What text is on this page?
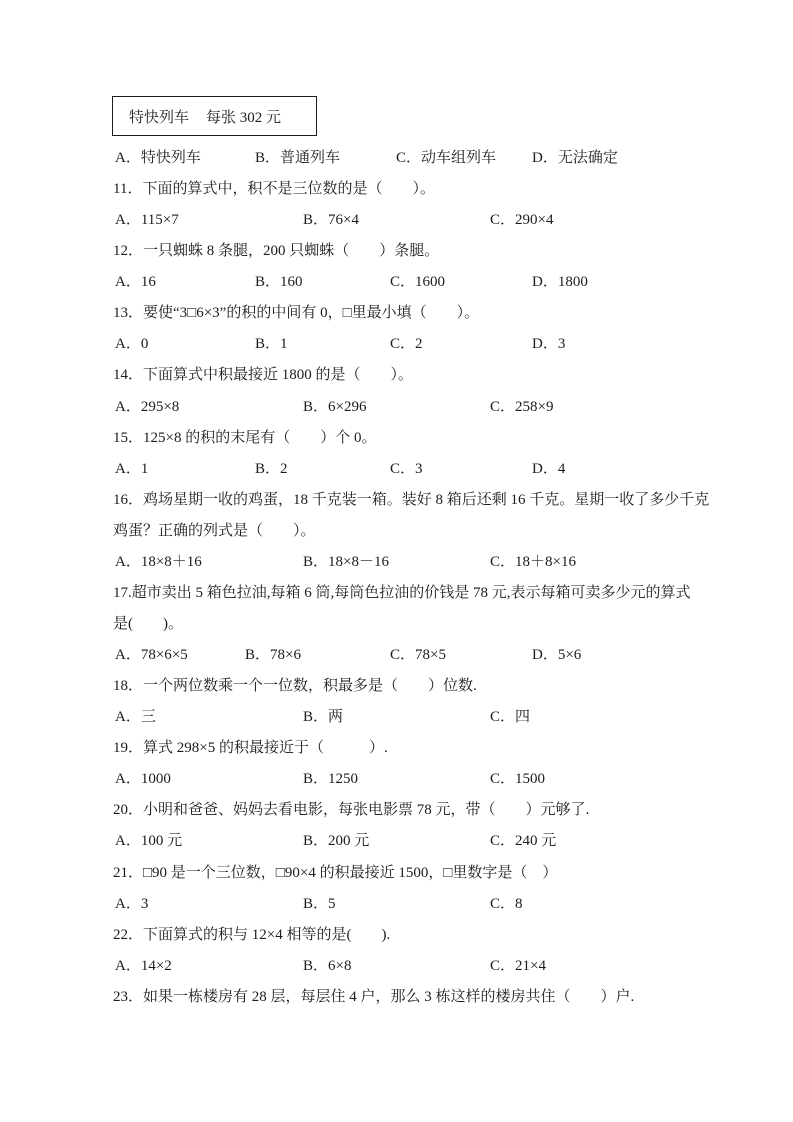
特快列车 每张 302 元

A．特快列车

	B．普通列车

	C．动车组列车

D．无法确定

11．下面的算式中，积不是三位数的是（　　）。

A．115×7

	B．76×4

	C．290×4

12．一只蜘蛛 8 条腿，200 只蜘蛛（　　）条腿。

A．16

	B．160

	C．1600

	D．1800

13．要使“3□6×3”的积的中间有 0，□里最小填（　　）。

A．0

	B．1

	C．2

	D．3

14．下面算式中积最接近 1800 的是（　　）。

A．295×8

	B．6×296

	C．258×9

15．125×8 的积的末尾有（　　）个 0。

A．1

	B．2

	C．3

	D．4

16．鸡场星期一收的鸡蛋，18 千克装一箱。装好 8 箱后还剩 16 千克。星期一收了多少千克

鸡蛋？正确的列式是（　　）。

A．18×8＋16

	B．18×8－16

	C．18＋8×16

17.超市卖出 5 箱色拉油,每箱 6 筒,每筒色拉油的价钱是 78 元,表示每箱可卖多少元的算式

是(　　)。

A．78×6×5

	B．78×6

	C．78×5

	D．5×6

18．一个两位数乘一个一位数，积最多是（　　）位数.

A．三

	B．两

	C．四

19．算式 298×5 的积最接近于（　　　）.

A．1000

	B．1250

	C．1500

20．小明和爸爸、妈妈去看电影，每张电影票 78 元，带（　　）元够了.

A．100 元

	B．200 元

	C．240 元

21．□90 是一个三位数，□90×4 的积最接近 1500，□里数字是（　）

A．3

	B．5

	C．8

22．下面算式的积与 12×4 相等的是(　　).

A．14×2

	B．6×8

	C．21×4

23．如果一栋楼房有 28 层，每层住 4 户，那么 3 栋这样的楼房共住（　　）户.
